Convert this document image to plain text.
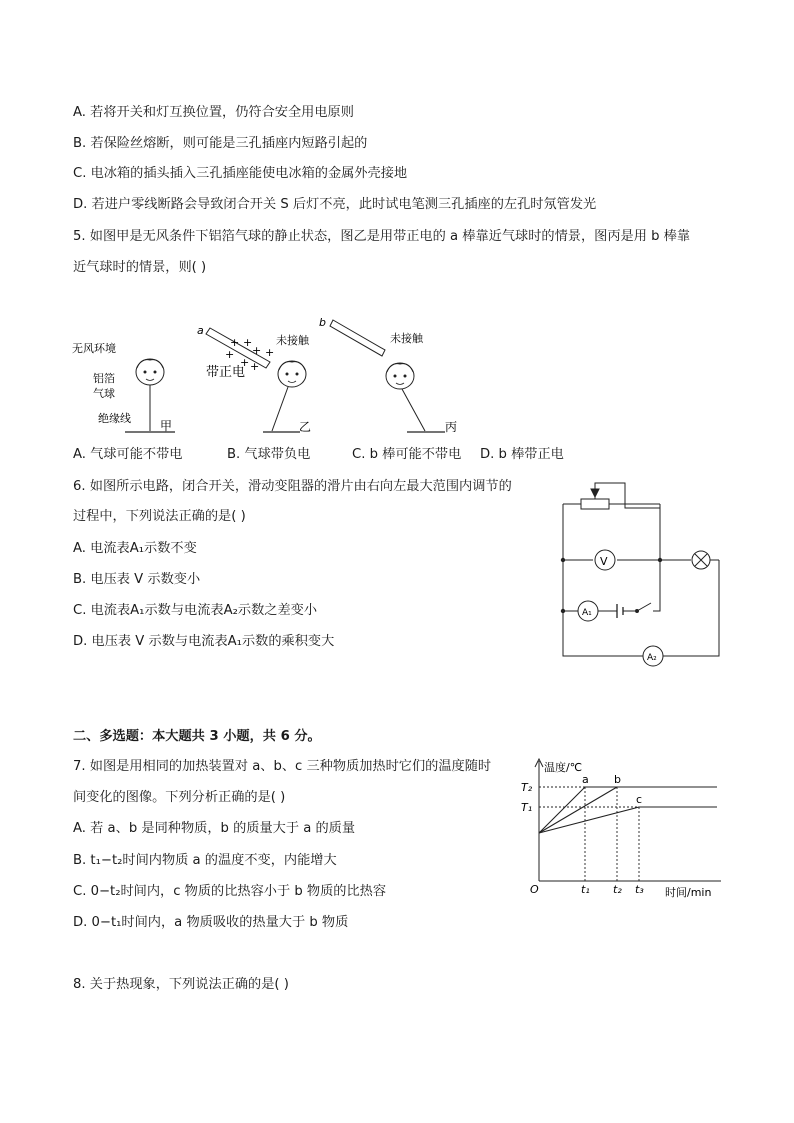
A. 若将开关和灯互换位置，仍符合安全用电原则
B. 若保险丝熔断，则可能是三孔插座内短路引起的
C. 电冰箱的插头插入三孔插座能使电冰箱的金属外壳接地
D. 若进户零线断路会导致闭合开关 S 后灯不亮，此时试电笔测三孔插座的左孔时氖管发光
5. 如图甲是无风条件下铝箔气球的静止状态，图乙是用带正电的 a 棒靠近气球时的情景，图丙是用 b 棒靠
近气球时的情景，则( )
无风环境
铝箔
气球
绝缘线
甲
a
+ +
+ + +
+ +
带正电
未接触
乙
b
未接触
丙
A. 气球可能不带电	B. 气球带负电	C. b 棒可能不带电 D. b 棒带正电
6. 如图所示电路，闭合开关，滑动变阻器的滑片由右向左最大范围内调节的
过程中，下列说法正确的是( )
A. 电流表A₁示数不变
B. 电压表 V 示数变小
C. 电流表A₁示数与电流表A₂示数之差变小
D. 电压表 V 示数与电流表A₁示数的乘积变大
V
A₁
A₂
二、多选题：本大题共 3 小题，共 6 分。
7. 如图是用相同的加热装置对 a、b、c 三种物质加热时它们的温度随时
间变化的图像。下列分析正确的是( )
A. 若 a、b 是同种物质，b 的质量大于 a 的质量
B. t₁−t₂时间内物质 a 的温度不变，内能增大
C. 0−t₂时间内，c 物质的比热容小于 b 物质的比热容
D. 0−t₁时间内，a 物质吸收的热量大于 b 物质
温度/℃
时间/min
O
T₂
T₁
t₁ t₂ t₃
a b
c
8. 关于热现象，下列说法正确的是( )
